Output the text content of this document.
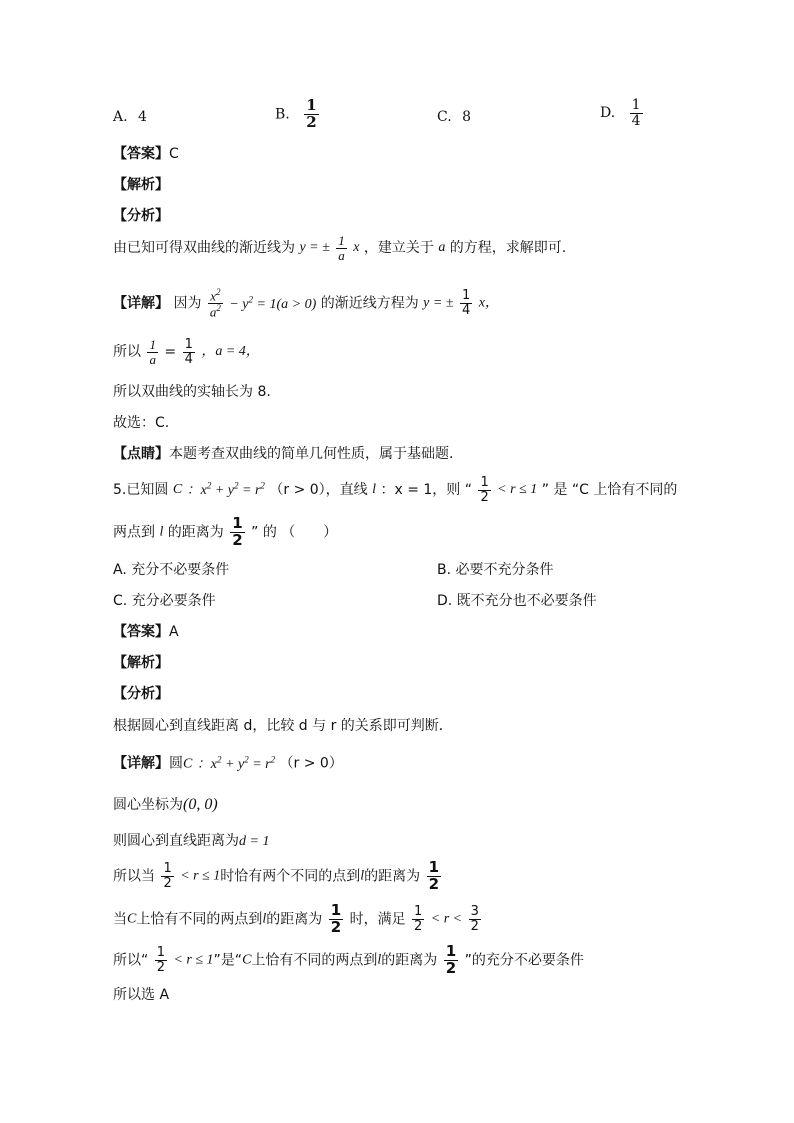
A. 4	B. $\frac{1}{2}$	C. 8	D. $\frac{1}{4}$
【答案】C
【解析】
【分析】
由已知可得双曲线的渐近线为 y = ± $\frac{1}{a}$ x ，建立关于 a 的方程，求解即可.
【详解】 因为 $\frac{x^2}{a^2} - y^2 = 1(a > 0)$ 的渐近线方程为 y = ± $\frac{1}{4}$ x，
所以 $\frac{1}{a} = \frac{1}{4}$ ，a = 4，
所以双曲线的实轴长为 8.
故选：C.
【点睛】本题考查双曲线的简单几何性质，属于基础题.
5.已知圆 C ：$x^2 + y^2 = r^2$ （r > 0），直线 l ：x = 1，则 “ $\frac{1}{2} < r \le 1$ ” 是 “C 上恰有不同的
两点到 l 的距离为 $\frac{1}{2}$ ” 的 （　　）
A. 充分不必要条件	B. 必要不充分条件
C. 充分必要条件	D. 既不充分也不必要条件
【答案】A
【解析】
【分析】
根据圆心到直线距离 d，比较 d 与 r 的关系即可判断．
【详解】圆C ：$x^2 + y^2 = r^2$ （r > 0）
圆心坐标为(0, 0)
则圆心到直线距离为d = 1
所以当 $\frac{1}{2} < r \le 1$时恰有两个不同的点到l的距离为 $\frac{1}{2}$
当C上恰有不同的两点到l的距离为 $\frac{1}{2}$ 时，满足 $\frac{1}{2} < r < \frac{3}{2}$
所以“ $\frac{1}{2} < r \le 1$”是“C上恰有不同的两点到l的距离为 $\frac{1}{2}$ ”的充分不必要条件
所以选 A
